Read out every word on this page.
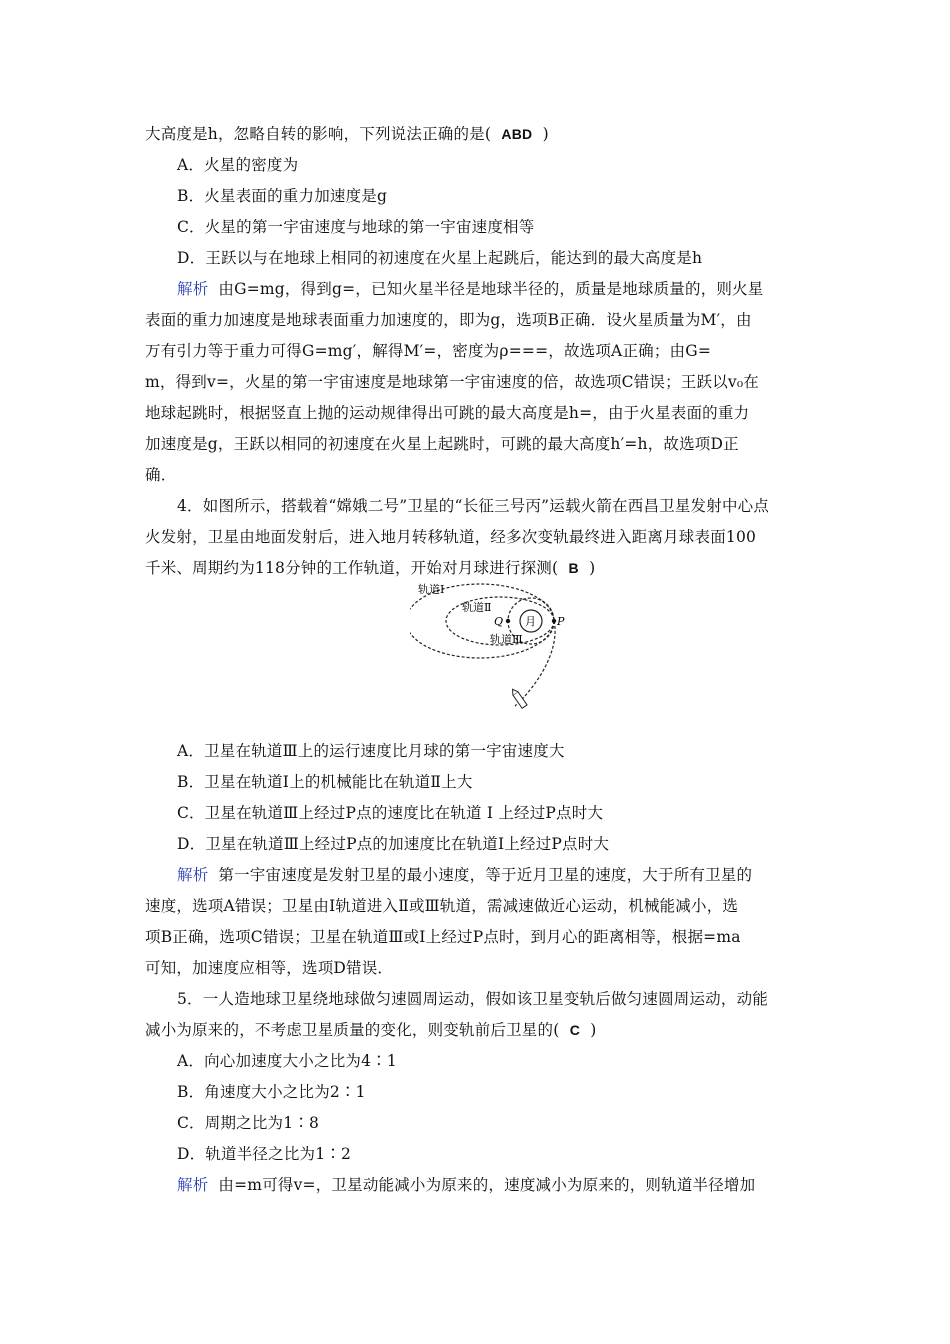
大高度是h，忽略自转的影响，下列说法正确的是( ABD )
A．火星的密度为
B．火星表面的重力加速度是g
C．火星的第一宇宙速度与地球的第一宇宙速度相等
D．王跃以与在地球上相同的初速度在火星上起跳后，能达到的最大高度是h
解析 由G=mg，得到g=，已知火星半径是地球半径的，质量是地球质量的，则火星
表面的重力加速度是地球表面重力加速度的，即为g，选项B正确．设火星质量为M′，由
万有引力等于重力可得G=mg′，解得M′=，密度为ρ===，故选项A正确；由G=
m，得到v=，火星的第一宇宙速度是地球第一宇宙速度的倍，故选项C错误；王跃以v₀在
地球起跳时，根据竖直上抛的运动规律得出可跳的最大高度是h=，由于火星表面的重力
加速度是g，王跃以相同的初速度在火星上起跳时，可跳的最大高度h′=h，故选项D正
确．
4．如图所示，搭载着“嫦娥二号”卫星的“长征三号丙”运载火箭在西昌卫星发射中心点
火发射，卫星由地面发射后，进入地月转移轨道，经多次变轨最终进入距离月球表面100
千米、周期约为118分钟的工作轨道，开始对月球进行探测( B )
轨道Ⅰ
轨道Ⅱ
轨道Ⅲ
Q	P
月
A．卫星在轨道Ⅲ上的运行速度比月球的第一宇宙速度大
B．卫星在轨道Ⅰ上的机械能比在轨道Ⅱ上大
C．卫星在轨道Ⅲ上经过P点的速度比在轨道 Ⅰ 上经过P点时大
D．卫星在轨道Ⅲ上经过P点的加速度比在轨道Ⅰ上经过P点时大
解析 第一宇宙速度是发射卫星的最小速度，等于近月卫星的速度，大于所有卫星的
速度，选项A错误；卫星由Ⅰ轨道进入Ⅱ或Ⅲ轨道，需减速做近心运动，机械能减小，选
项B正确，选项C错误；卫星在轨道Ⅲ或Ⅰ上经过P点时，到月心的距离相等，根据=ma
可知，加速度应相等，选项D错误．
5．一人造地球卫星绕地球做匀速圆周运动，假如该卫星变轨后做匀速圆周运动，动能
减小为原来的，不考虑卫星质量的变化，则变轨前后卫星的( C )
A．向心加速度大小之比为4∶1
B．角速度大小之比为2∶1
C．周期之比为1∶8
D．轨道半径之比为1∶2
解析 由=m可得v=，卫星动能减小为原来的，速度减小为原来的，则轨道半径增加
